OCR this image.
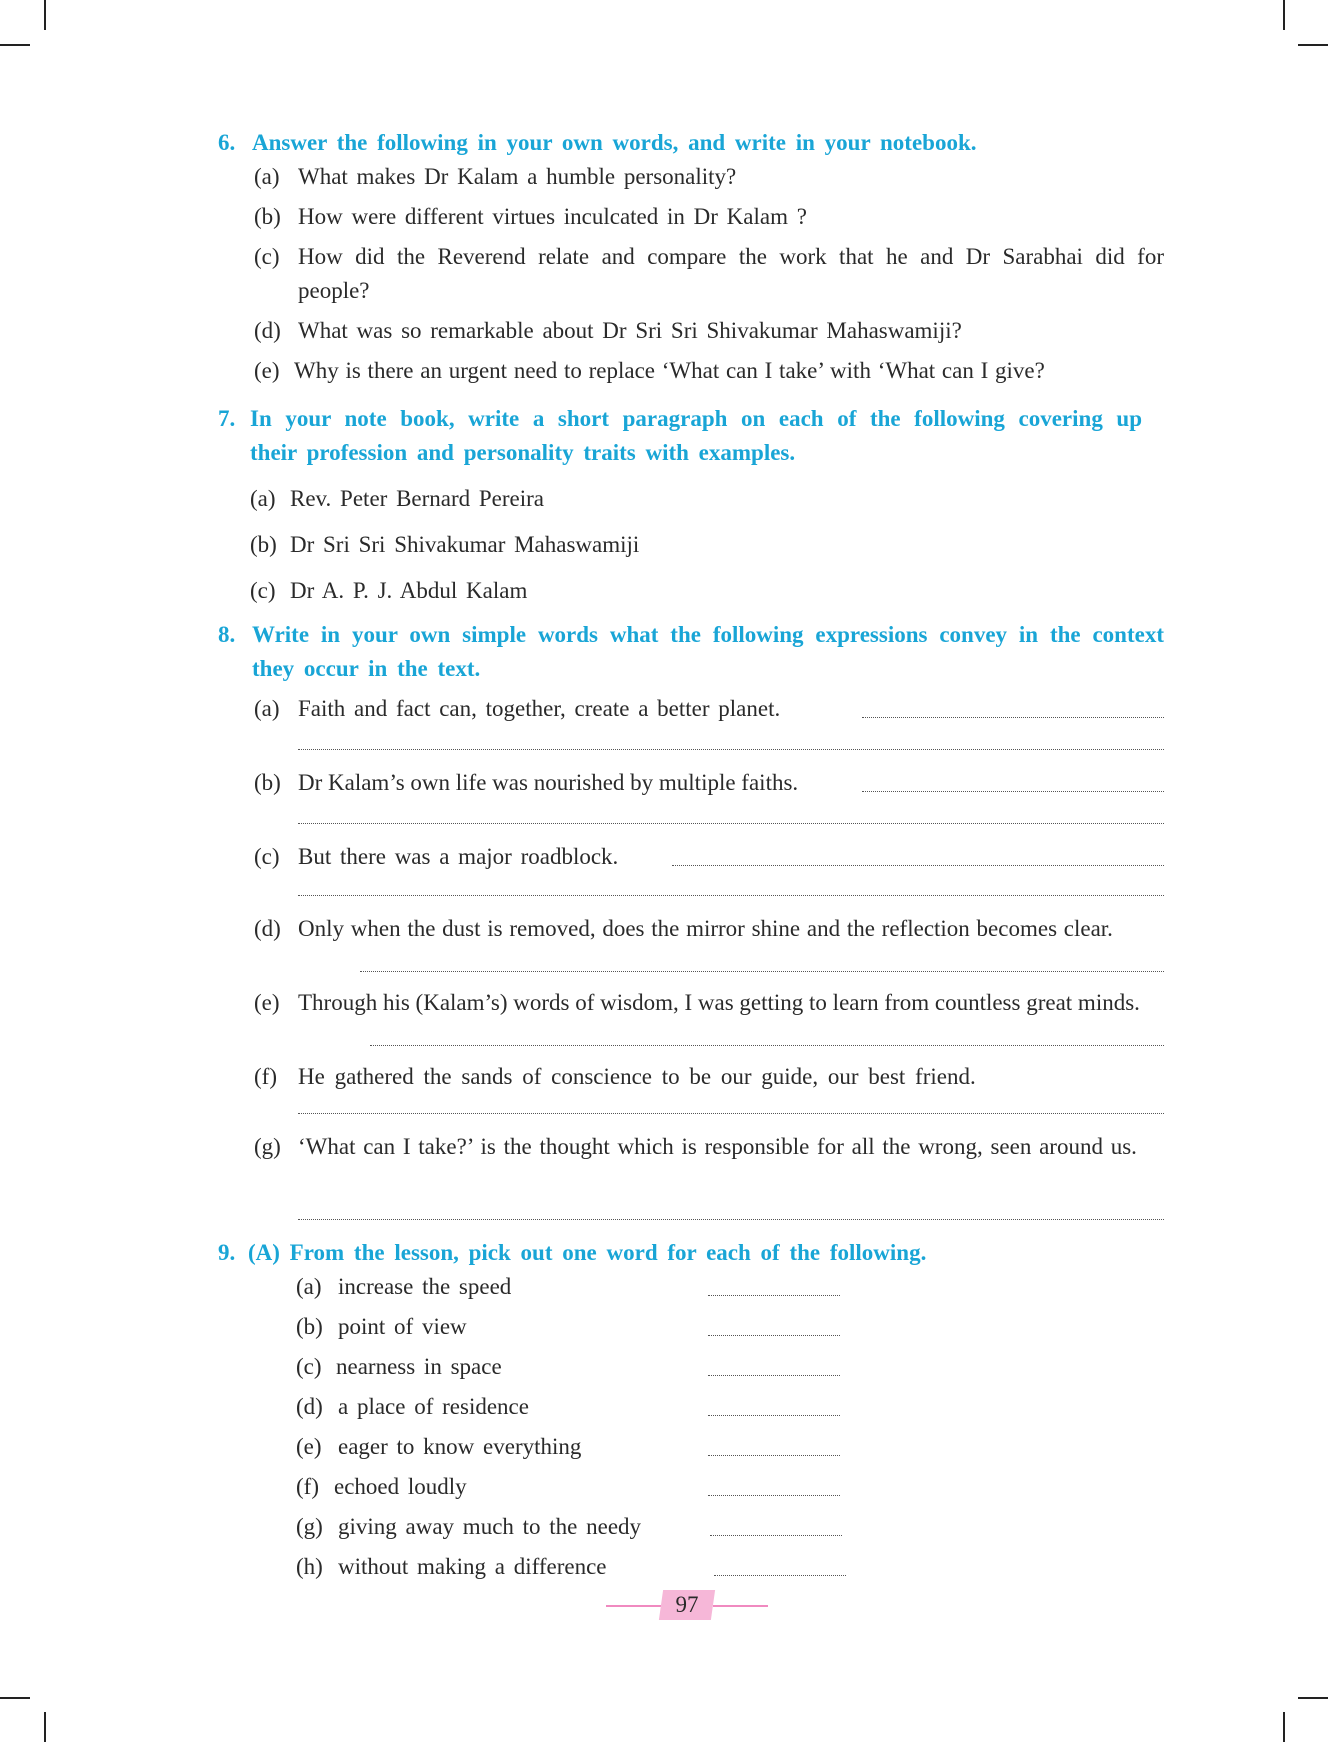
6. Answer the following in your own words, and write in your notebook.
(a) What makes Dr Kalam a humble personality?
(b) How were different virtues inculcated in Dr Kalam ?
(c) How did the Reverend relate and compare the work that he and Dr Sarabhai did for people?
(d) What was so remarkable about Dr Sri Sri Shivakumar Mahaswamiji?
(e) Why is there an urgent need to replace ‘What can I take’ with ‘What can I give?
7. In your note book, write a short paragraph on each of the following covering up their profession and personality traits with examples.
(a) Rev. Peter Bernard Pereira
(b) Dr Sri Sri Shivakumar Mahaswamiji
(c) Dr A. P. J. Abdul Kalam
8. Write in your own simple words what the following expressions convey in the context they occur in the text.
(a) Faith and fact can, together, create a better planet.
(b) Dr Kalam’s own life was nourished by multiple faiths.
(c) But there was a major roadblock.
(d) Only when the dust is removed, does the mirror shine and the reflection becomes clear.
(e) Through his (Kalam’s) words of wisdom, I was getting to learn from countless great minds.
(f) He gathered the sands of conscience to be our guide, our best friend.
(g) ‘What can I take?’ is the thought which is responsible for all the wrong, seen around us.
9. (A) From the lesson, pick out one word for each of the following.
(a) increase the speed
(b) point of view
(c) nearness in space
(d) a place of residence
(e) eager to know everything
(f) echoed loudly
(g) giving away much to the needy
(h) without making a difference
97
